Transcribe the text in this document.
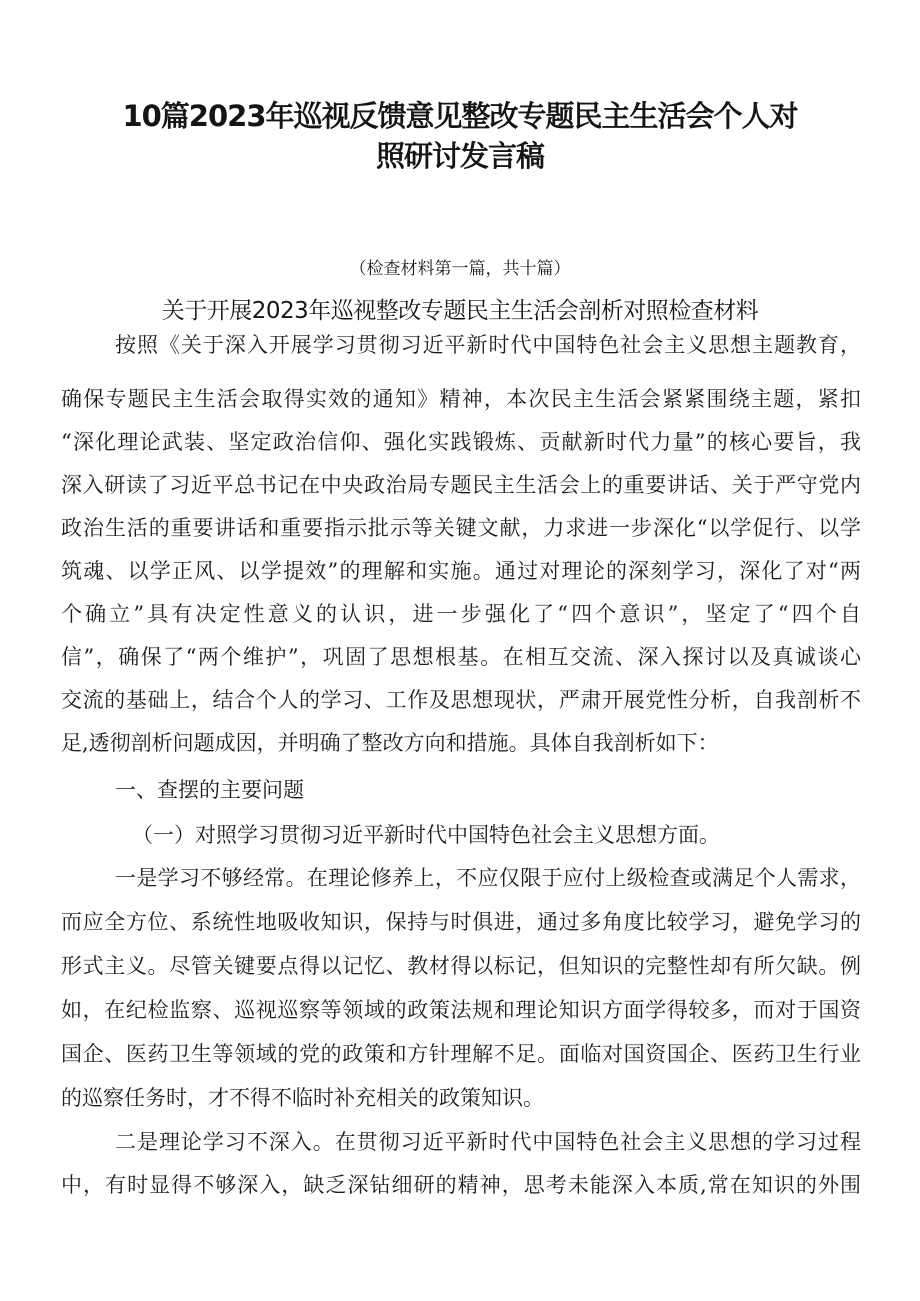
10篇2023年巡视反馈意见整改专题民主生活会个人对
照研讨发言稿
（检查材料第一篇，共十篇）
关于开展2023年巡视整改专题民主生活会剖析对照检查材料
按照《关于深入开展学习贯彻习近平新时代中国特色社会主义思想主题教育，
确保专题民主生活会取得实效的通知》精神，本次民主生活会紧紧围绕主题，紧扣
“深化理论武装、坚定政治信仰、强化实践锻炼、贡献新时代力量”的核心要旨，我
深入研读了习近平总书记在中央政治局专题民主生活会上的重要讲话、关于严守党内
政治生活的重要讲话和重要指示批示等关键文献，力求进一步深化“以学促行、以学
筑魂、以学正风、以学提效”的理解和实施。通过对理论的深刻学习，深化了对“两
个确立”具有决定性意义的认识，进一步强化了“四个意识”，坚定了“四个自
信”，确保了“两个维护”，巩固了思想根基。在相互交流、深入探讨以及真诚谈心
交流的基础上，结合个人的学习、工作及思想现状，严肃开展党性分析，自我剖析不
足,透彻剖析问题成因，并明确了整改方向和措施。具体自我剖析如下：
一、查摆的主要问题
（一）对照学习贯彻习近平新时代中国特色社会主义思想方面。
一是学习不够经常。在理论修养上，不应仅限于应付上级检查或满足个人需求，
而应全方位、系统性地吸收知识，保持与时俱进，通过多角度比较学习，避免学习的
形式主义。尽管关键要点得以记忆、教材得以标记，但知识的完整性却有所欠缺。例
如，在纪检监察、巡视巡察等领域的政策法规和理论知识方面学得较多，而对于国资
国企、医药卫生等领域的党的政策和方针理解不足。面临对国资国企、医药卫生行业
的巡察任务时，才不得不临时补充相关的政策知识。
二是理论学习不深入。在贯彻习近平新时代中国特色社会主义思想的学习过程
中，有时显得不够深入，缺乏深钻细研的精神，思考未能深入本质,常在知识的外围
